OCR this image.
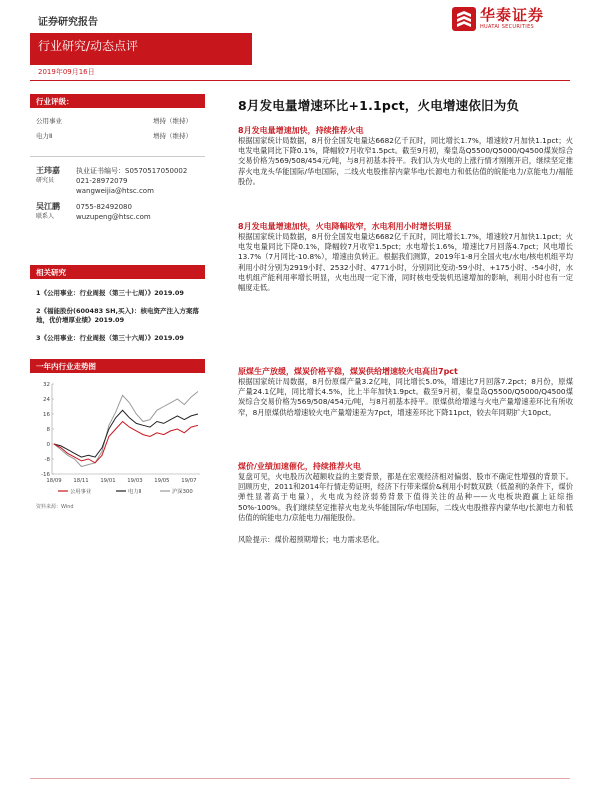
证券研究报告	华泰证券
HUATAI SECURITIES
行业研究/动态点评
2019年09月16日
行业评级：
公用事业	增持（维持）
电力Ⅱ	增持（维持）
王玮嘉
研究员
执业证书编号：S0570517050002
021-28972079
wangweijia@htsc.com
吴江鹏
联系人
0755-82492080
wuzupeng@htsc.com
相关研究
1《公用事业：行业周报（第三十七周）》2019.09
2《福能股份(600483 SH,买入)：核电资产注入方案落地，优价增厚业绩》2019.09
3《公用事业：行业周报（第三十六周）》2019.09
一年内行业走势图
-16
-8
0
8
16
24
32
18/09 18/11 19/01 19/03 19/05 19/07
公用事业	电力Ⅱ	沪深300
资料来源：Wind
8月发电量增速环比+1.1pct，火电增速依旧为负
8月发电量增速加快，持续推荐火电
根据国家统计局数据，8月份全国发电量达6682亿千瓦时，同比增长1.7%，增速较7月加快1.1pct；火电发电量同比下降0.1%，降幅较7月收窄1.5pct。截至9月初，秦皇岛Q5500/Q5000/Q4500煤炭综合交易价格为569/508/454元/吨，与8月初基本持平。我们认为火电的上涨行情才刚刚开启，继续坚定推荐火电龙头华能国际/华电国际，二线火电股推荐内蒙华电/长源电力和低估值的皖能电力/京能电力/福能股份。
8月发电量增速加快，火电降幅收窄，水电利用小时增长明显
根据国家统计局数据，8月份全国发电量达6682亿千瓦时，同比增长1.7%，增速较7月加快1.1pct；火电发电量同比下降0.1%，降幅较7月收窄1.5pct；水电增长1.6%，增速比7月回落4.7pct；风电增长13.7%（7月同比-10.8%），增速由负转正。根据我们测算，2019年1-8月全国火电/水电/核电机组平均利用小时分别为2919小时、2532小时、4771小时，分别同比变动-59小时、+175小时、-54小时，水电机组产能利用率增长明显，火电出现一定下滑，同时核电受装机迅速增加的影响，利用小时也有一定幅度走低。
原煤生产放缓，煤炭价格平稳，煤炭供给增速较火电高出7pct
根据国家统计局数据，8月份原煤产量3.2亿吨，同比增长5.0%，增速比7月回落7.2pct；8月份，原煤产量24.1亿吨，同比增长4.5%，比上半年加快1.9pct。截至9月初，秦皇岛Q5500/Q5000/Q4500煤炭综合交易价格为569/508/454元/吨，与8月初基本持平。原煤供给增速与火电产量增速差环比有所收窄，8月原煤供给增速较火电产量增速差为7pct，增速差环比下降11pct，较去年同期扩大10pct。
煤价/业绩加速催化，持续推荐火电
复盘可见，火电股历次超额收益的主要背景，都是在宏观经济相对偏弱、股市不确定性增强的背景下。回顾历史，2011和2014年行情走势证明，经济下行带来煤价&利用小时数双跌（低盈利的条件下，煤价弹性显著高于电量），火电成为经济弱势背景下值得关注的品种——火电板块跑赢上证综指50%-100%。我们继续坚定推荐火电龙头华能国际/华电国际，二线火电股推荐内蒙华电/长源电力和低估值的皖能电力/京能电力/福能股份。
风险提示：煤价超预期增长；电力需求恶化。
